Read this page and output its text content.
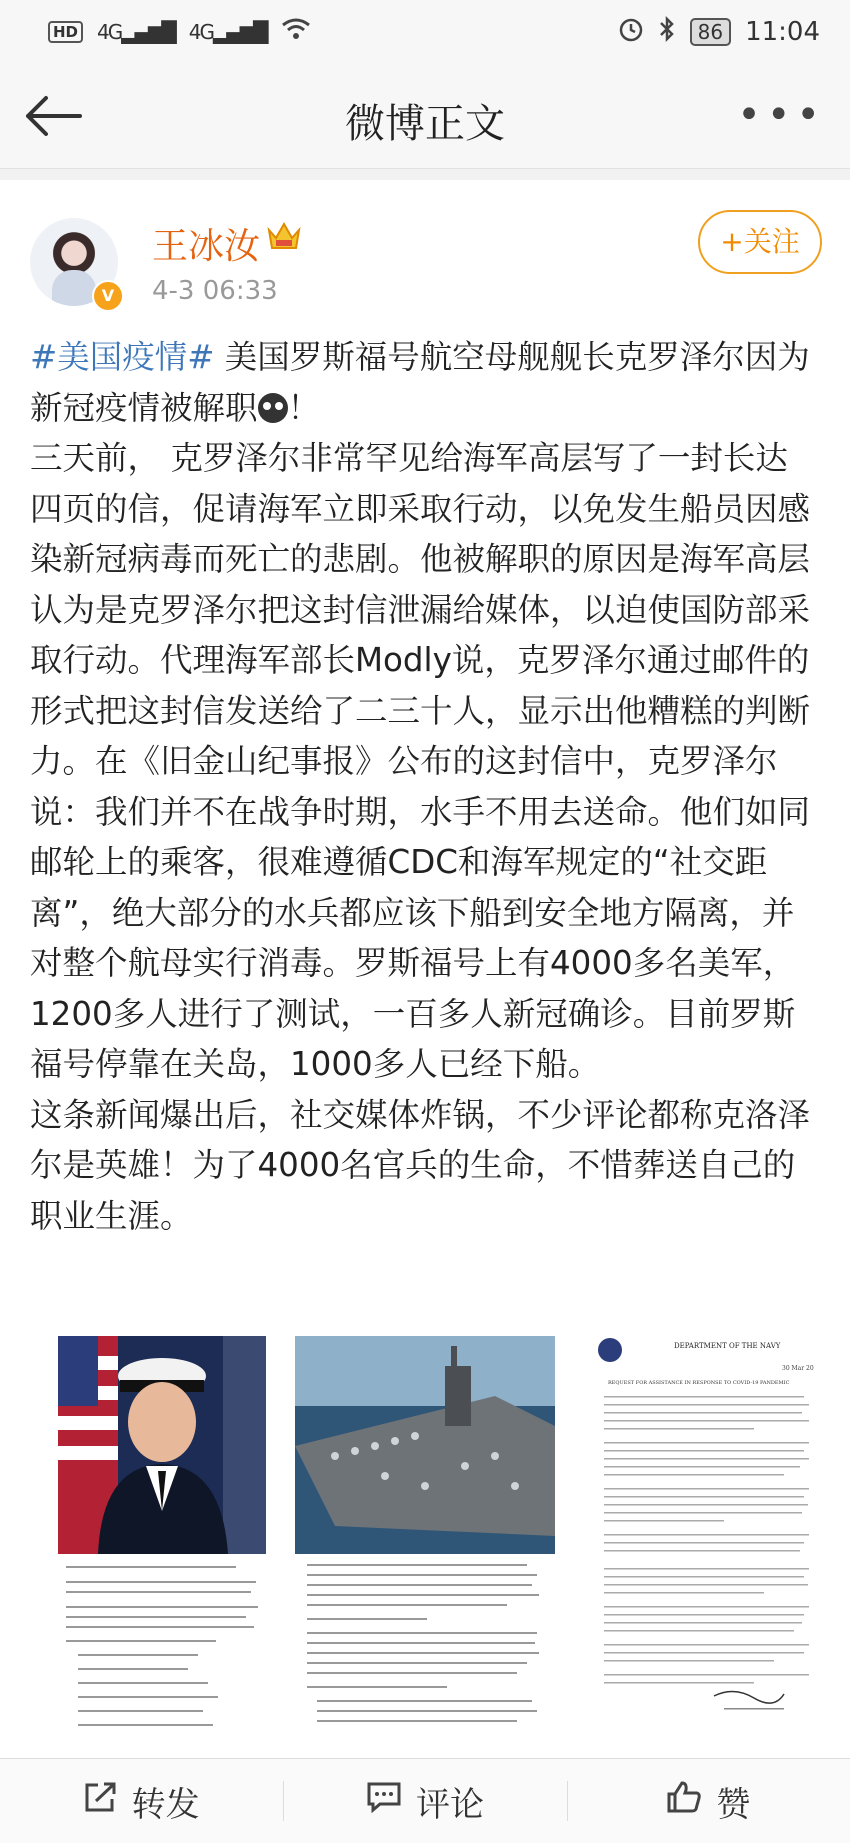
HD 4G▂▄▆█ 4G▂▄▆█	86 11:04
微博正文	•••
V
王冰汝
4-3 06:33
+关注
#美国疫情# 美国罗斯福号航空母舰舰长克罗泽尔因为新冠疫情被解职 ！
三天前， 克罗泽尔非常罕见给海军高层写了一封长达四页的信，促请海军立即采取行动，以免发生船员因感染新冠病毒而死亡的悲剧。他被解职的原因是海军高层认为是克罗泽尔把这封信泄漏给媒体，以迫使国防部采取行动。代理海军部长Modly说，克罗泽尔通过邮件的形式把这封信发送给了二三十人，显示出他糟糕的判断力。在《旧金山纪事报》公布的这封信中，克罗泽尔说：我们并不在战争时期，水手不用去送命。他们如同邮轮上的乘客，很难遵循CDC和海军规定的“社交距离”，绝大部分的水兵都应该下船到安全地方隔离，并对整个航母实行消毒。罗斯福号上有4000多名美军，1200多人进行了测试，一百多人新冠确诊。目前罗斯福号停靠在关岛，1000多人已经下船。
这条新闻爆出后，社交媒体炸锅，不少评论都称克洛泽尔是英雄！为了4000名官兵的生命，不惜葬送自己的职业生涯。
DEPARTMENT OF THE NAVY
30 Mar 20
REQUEST FOR ASSISTANCE IN RESPONSE TO COVID-19 PANDEMIC
转发	评论	赞
